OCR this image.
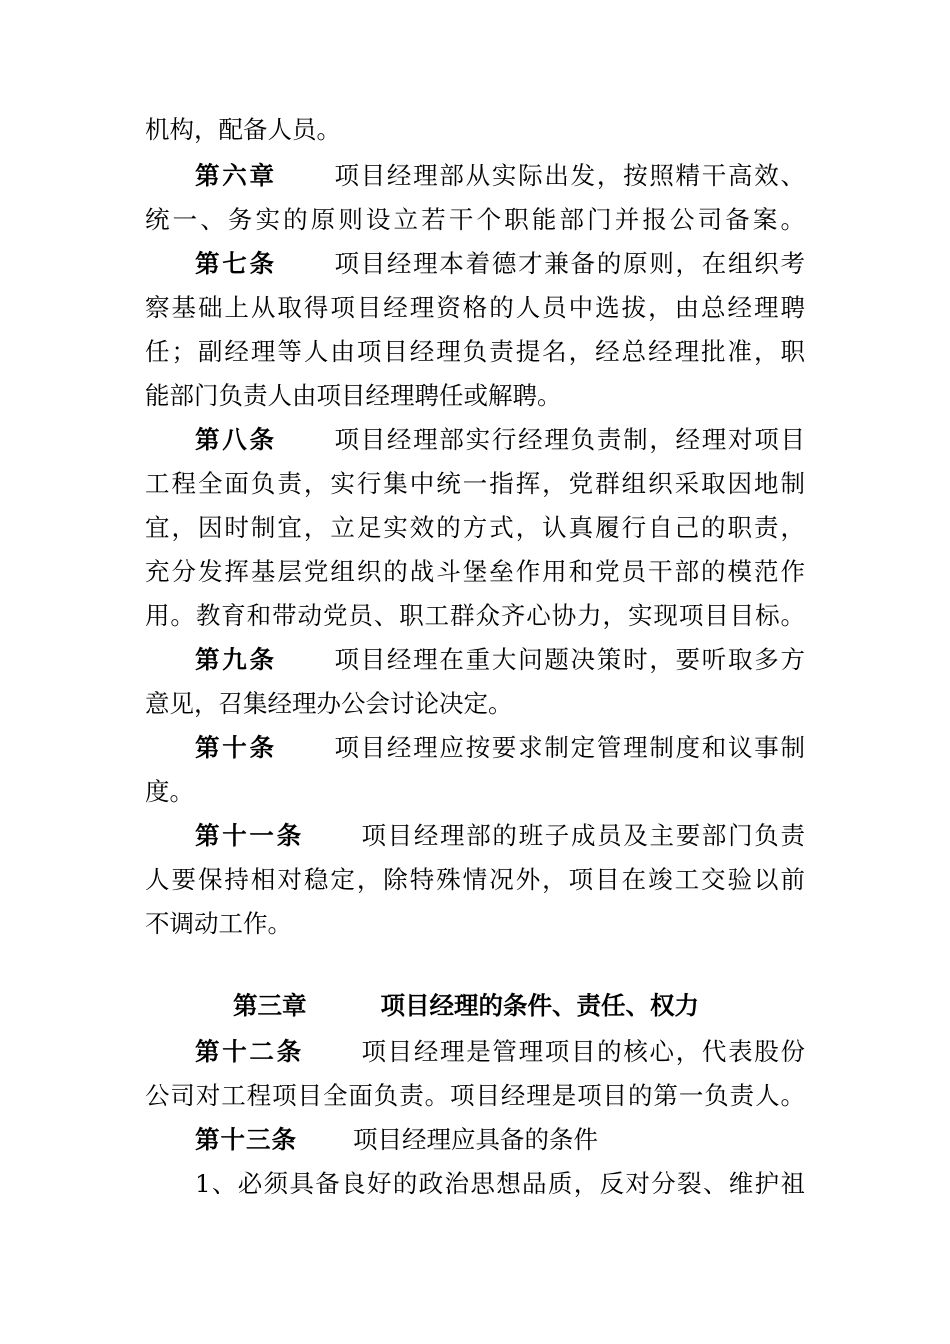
机构，配备人员。
第六章 项目经理部从实际出发，按照精干高效、
统一、务实的原则设立若干个职能部门并报公司备案。
第七条 项目经理本着德才兼备的原则，在组织考
察基础上从取得项目经理资格的人员中选拔，由总经理聘
任；副经理等人由项目经理负责提名，经总经理批准，职
能部门负责人由项目经理聘任或解聘。
第八条 项目经理部实行经理负责制，经理对项目
工程全面负责，实行集中统一指挥，党群组织采取因地制
宜，因时制宜，立足实效的方式，认真履行自己的职责，
充分发挥基层党组织的战斗堡垒作用和党员干部的模范作
用。教育和带动党员、职工群众齐心协力，实现项目目标。
第九条 项目经理在重大问题决策时，要听取多方
意见，召集经理办公会讨论决定。
第十条 项目经理应按要求制定管理制度和议事制
度。
第十一条 项目经理部的班子成员及主要部门负责
人要保持相对稳定，除特殊情况外，项目在竣工交验以前
不调动工作。
第三章	项目经理的条件、责任、权力
第十二条 项目经理是管理项目的核心，代表股份
公司对工程项目全面负责。项目经理是项目的第一负责人。
第十三条 项目经理应具备的条件
1、必须具备良好的政治思想品质，反对分裂、维护祖
